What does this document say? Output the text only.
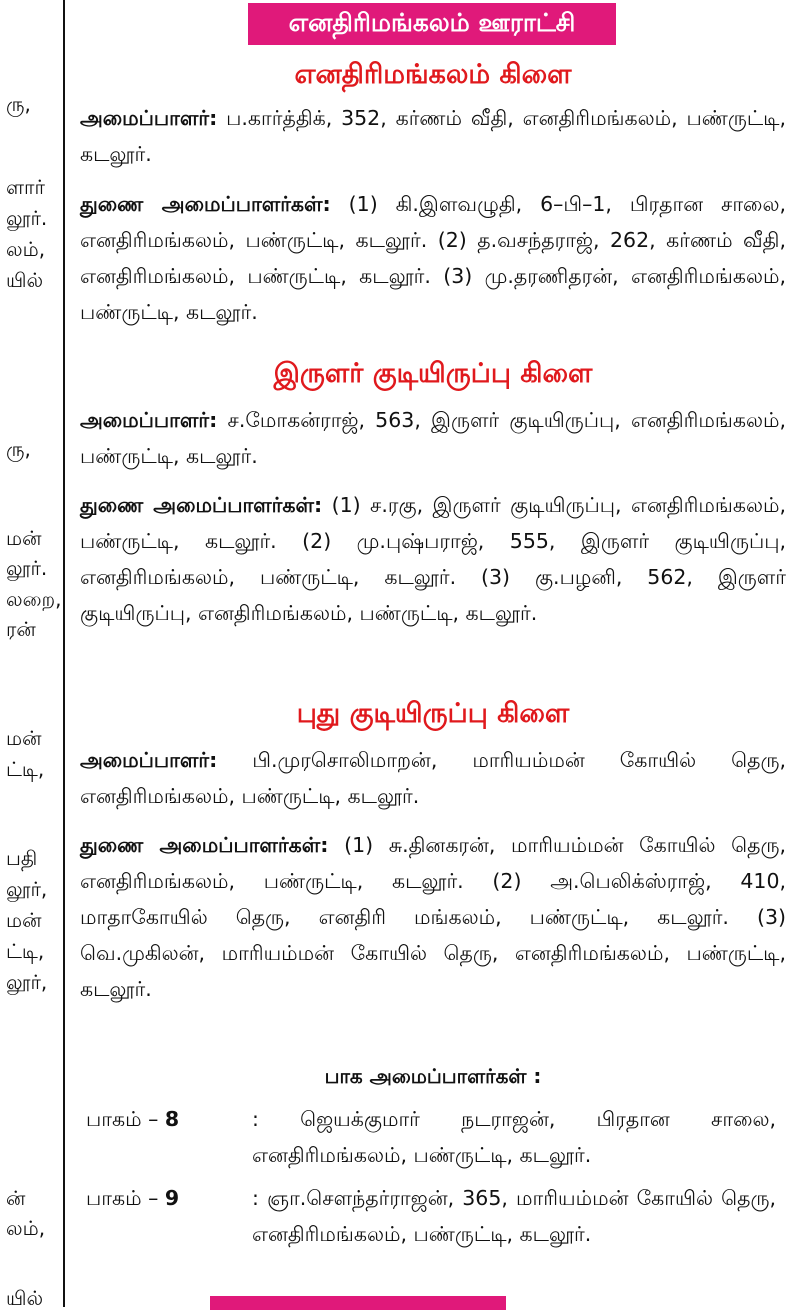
ரு,
ளார்
லூர்.
லம்,
யில்
ரு,
மன்
லூர்.
லறை,
ரன்
மன்
ட்டி,
பதி
லூர்,
மன்
ட்டி,
லூர்,
ன்
லம்,
யில்
எனதிரிமங்கலம் ஊராட்சி
எனதிரிமங்கலம் கிளை
அமைப்பாளர்: ப.கார்த்திக், 352, கர்ணம் வீதி, எனதிரிமங்கலம், பண்ருட்டி, கடலூர்.
துணை அமைப்பாளர்கள்: (1) கி.இளவழுதி, 6–பி–1, பிரதான சாலை, எனதிரிமங்கலம், பண்ருட்டி, கடலூர். (2) த.வசந்தராஜ், 262, கர்ணம் வீதி, எனதிரிமங்கலம், பண்ருட்டி, கடலூர். (3) மு.தரணிதரன், எனதிரிமங்கலம், பண்ருட்டி, கடலூர்.
இருளர் குடியிருப்பு கிளை
அமைப்பாளர்: ச.மோகன்ராஜ், 563, இருளர் குடியிருப்பு, எனதிரிமங்கலம், பண்ருட்டி, கடலூர்.
துணை அமைப்பாளர்கள்: (1) ச.ரகு, இருளர் குடியிருப்பு, எனதிரிமங்கலம், பண்ருட்டி, கடலூர். (2) மு.புஷ்பராஜ், 555, இருளர் குடியிருப்பு, எனதிரிமங்கலம், பண்ருட்டி, கடலூர். (3) கு.பழனி, 562, இருளர் குடியிருப்பு, எனதிரிமங்கலம், பண்ருட்டி, கடலூர்.
புது குடியிருப்பு கிளை
அமைப்பாளர்: பி.முரசொலிமாறன், மாரியம்மன் கோயில் தெரு, எனதிரிமங்கலம், பண்ருட்டி, கடலூர்.
துணை அமைப்பாளர்கள்: (1) சு.தினகரன், மாரியம்மன் கோயில் தெரு, எனதிரிமங்கலம், பண்ருட்டி, கடலூர். (2) அ.பெலிக்ஸ்ராஜ், 410, மாதாகோயில் தெரு, எனதிரி மங்கலம், பண்ருட்டி, கடலூர். (3) வெ.முகிலன், மாரியம்மன் கோயில் தெரு, எனதிரிமங்கலம், பண்ருட்டி, கடலூர்.
பாக அமைப்பாளர்கள் :
பாகம் – 8	: ஜெயக்குமார் நடராஜன், பிரதான சாலை, எனதிரிமங்கலம், பண்ருட்டி, கடலூர்.
பாகம் – 9	: ஞா.சௌந்தர்ராஜன், 365, மாரியம்மன் கோயில் தெரு, எனதிரிமங்கலம், பண்ருட்டி, கடலூர்.
